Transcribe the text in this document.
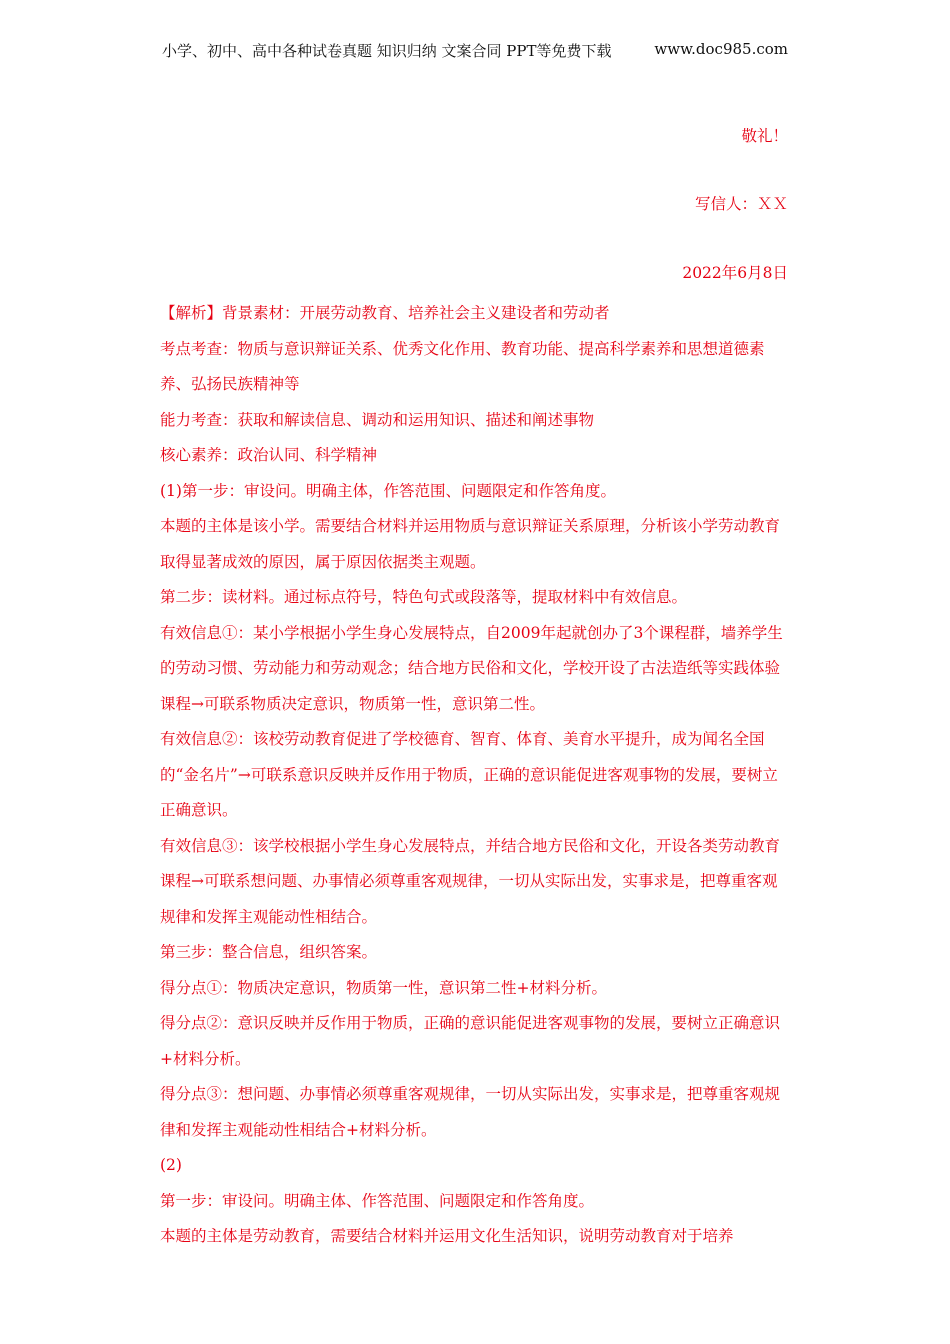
小学、初中、高中各种试卷真题 知识归纳 文案合同 PPT等免费下载	www.doc985.com
敬礼！
写信人：ＸＸ
2022年6月8日

【解析】背景素材：开展劳动教育、培养社会主义建设者和劳动者

考点考查：物质与意识辩证关系、优秀文化作用、教育功能、提高科学素养和思想道德素养、弘扬民族精神等

能力考查：获取和解读信息、调动和运用知识、描述和阐述事物

核心素养：政治认同、科学精神

(1)第一步：审设问。明确主体，作答范围、问题限定和作答角度。

本题的主体是该小学。需要结合材料并运用物质与意识辩证关系原理，分析该小学劳动教育取得显著成效的原因，属于原因依据类主观题。

第二步：读材料。通过标点符号，特色句式或段落等，提取材料中有效信息。

有效信息①：某小学根据小学生身心发展特点，自2009年起就创办了3个课程群，墙养学生的劳动习惯、劳动能力和劳动观念；结合地方民俗和文化，学校开设了古法造纸等实践体验课程→可联系物质决定意识，物质第一性，意识第二性。

有效信息②：该校劳动教育促进了学校德育、智育、体育、美育水平提升，成为闻名全国的“金名片”→可联系意识反映并反作用于物质，正确的意识能促进客观事物的发展，要树立正确意识。

有效信息③：该学校根据小学生身心发展特点，并结合地方民俗和文化，开设各类劳动教育课程→可联系想问题、办事情必须尊重客观规律，一切从实际出发，实事求是，把尊重客观规律和发挥主观能动性相结合。

第三步：整合信息，组织答案。

得分点①：物质决定意识，物质第一性，意识第二性+材料分析。

得分点②：意识反映并反作用于物质，正确的意识能促进客观事物的发展，要树立正确意识+材料分析。

得分点③：想问题、办事情必须尊重客观规律，一切从实际出发，实事求是，把尊重客观规律和发挥主观能动性相结合+材料分析。

(2)

第一步：审设问。明确主体、作答范围、问题限定和作答角度。

本题的主体是劳动教育，需要结合材料并运用文化生活知识，说明劳动教育对于培养
